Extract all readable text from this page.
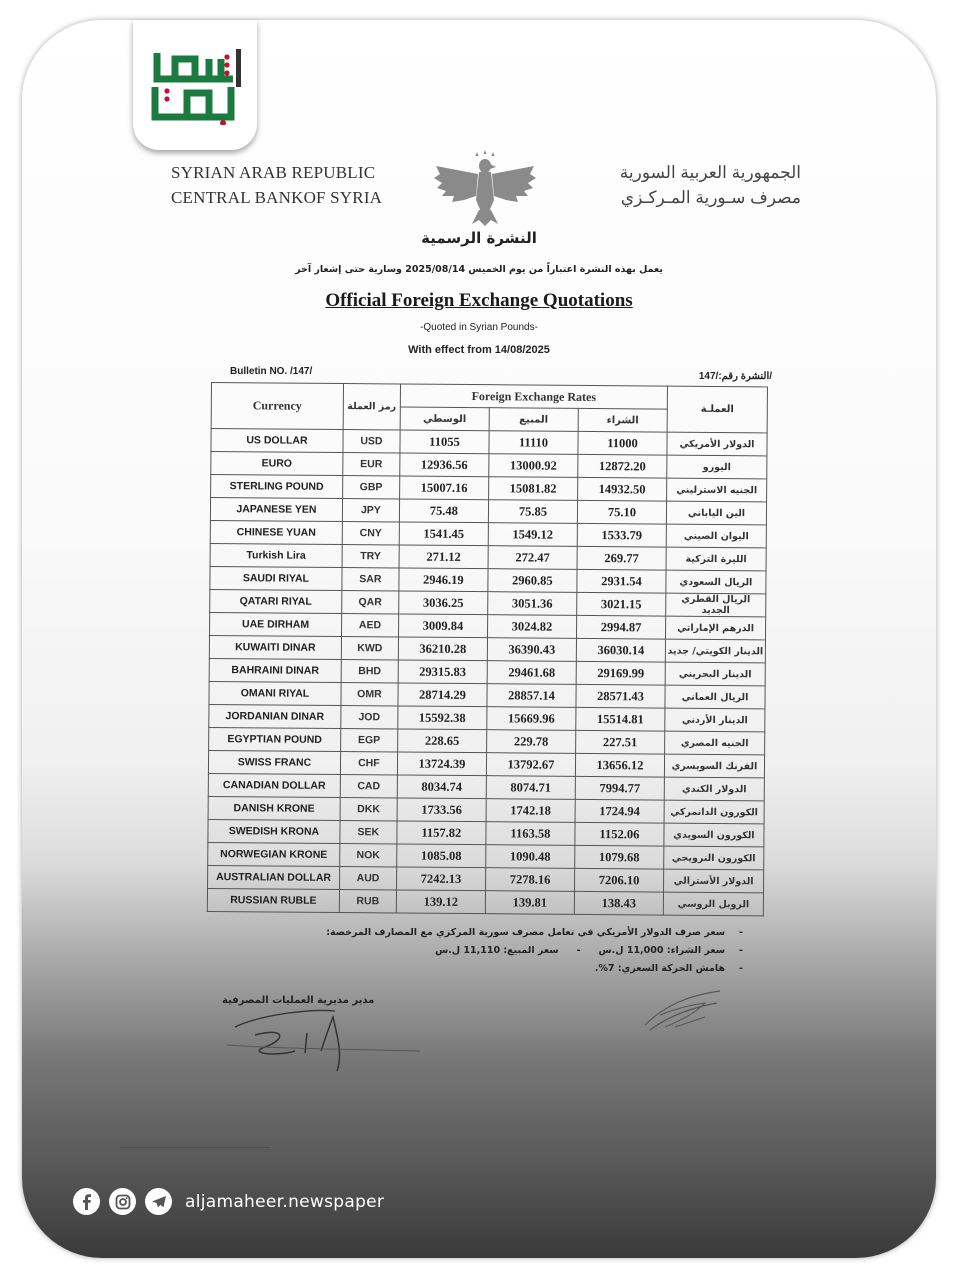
SYRIAN ARAB REPUBLIC
CENTRAL BANKOF SYRIA
الجمهورية العربية السورية
مصرف سـورية المـركـزي
النشرة الرسمية
يعمل بهذه النشرة اعتباراً من يوم الخميس 2025/08/14 وسارية حتى إشعار آخر
Official Foreign Exchange Quotations
-Quoted in Syrian Pounds-
With effect from 14/08/2025
Bulletin NO. /147/	النشرة رقم:/147/
Currency	رمز العملة	Foreign Exchange Rates			العملـة
		الوسطي	المبيع	الشراء	
US DOLLAR	USD	11055	11110	11000	الدولار الأمريكي
EURO	EUR	12936.56	13000.92	12872.20	اليورو
STERLING POUND	GBP	15007.16	15081.82	14932.50	الجنيه الاسترليني
JAPANESE YEN	JPY	75.48	75.85	75.10	الين الياباني
CHINESE YUAN	CNY	1541.45	1549.12	1533.79	اليوان الصيني
Turkish Lira	TRY	271.12	272.47	269.77	الليرة التركية
SAUDI RIYAL	SAR	2946.19	2960.85	2931.54	الريال السعودي
QATARI RIYAL	QAR	3036.25	3051.36	3021.15	الريال القطري الجديد
UAE DIRHAM	AED	3009.84	3024.82	2994.87	الدرهم الإماراتي
KUWAITI DINAR	KWD	36210.28	36390.43	36030.14	الدينار الكويتي/ جديد
BAHRAINI DINAR	BHD	29315.83	29461.68	29169.99	الدينار البحريني
OMANI RIYAL	OMR	28714.29	28857.14	28571.43	الريال العماني
JORDANIAN DINAR	JOD	15592.38	15669.96	15514.81	الدينار الأردني
EGYPTIAN POUND	EGP	228.65	229.78	227.51	الجنيه المصري
SWISS FRANC	CHF	13724.39	13792.67	13656.12	الفرنك السويسري
CANADIAN DOLLAR	CAD	8034.74	8074.71	7994.77	الدولار الكندي
DANISH KRONE	DKK	1733.56	1742.18	1724.94	الكورون الدانمركي
SWEDISH KRONA	SEK	1157.82	1163.58	1152.06	الكورون السويدي
NORWEGIAN KRONE	NOK	1085.08	1090.48	1079.68	الكورون النرويجي
AUSTRALIAN DOLLAR	AUD	7242.13	7278.16	7206.10	الدولار الأسترالي
RUSSIAN RUBLE	RUB	139.12	139.81	138.43	الروبل الروسي
-سعر صرف الدولار الأمريكي في تعامل مصرف سورية المركزي مع المصارف المرخصة:
-سعر الشراء: 11,000 ل.س-سعر المبيع: 11,110 ل.س
-هامش الحركة السعري: 7%.
مدير مديرية العمليات المصرفية
aljamaheer.newspaper
